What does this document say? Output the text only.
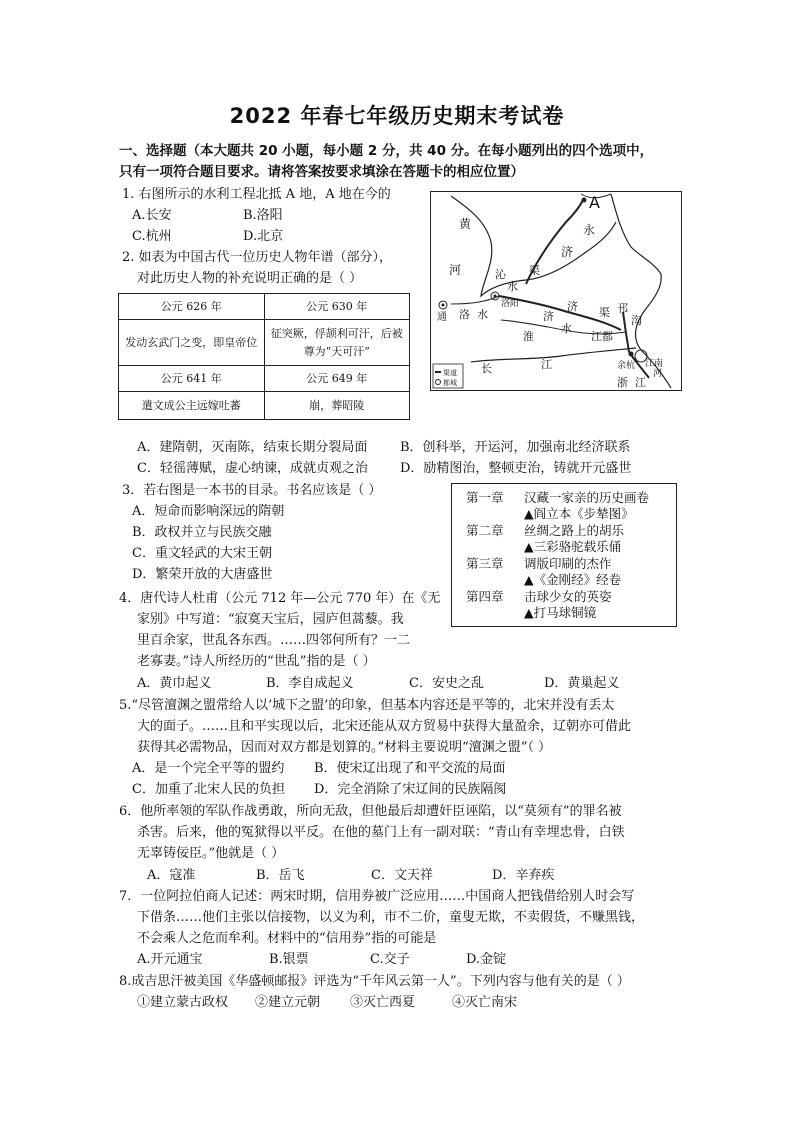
2022 年春七年级历史期末考试卷
一、选择题（本大题共 20 小题，每小题 2 分，共 40 分。在每小题列出的四个选项中，
只有一项符合题目要求。请将答案按要求填涂在答题卡的相应位置）
1. 右图所示的水利工程北抵 A 地，A 地在今的
A.长安	B.洛阳
C.杭州	D.北京
2. 如表为中国古代一位历史人物年谱（部分），
对此历史人物的补充说明正确的是（ ）
公元 626 年	公元 630 年
发动玄武门之变，即皇帝位	征突厥，俘颉利可汗，后被尊为“天可汗”
公元 641 年	公元 649 年
遣文成公主远嫁吐蕃	崩，葬昭陵
A
黄
河
永
济
沁
水
渠
济 渠
洛阳
洛 水
通	济
淮
水
江都
邗
沟
长	江	余杭
浙 江
江南
河
渠道
都城
A．建隋朝，灭南陈，结束长期分裂局面	B．创科举，开运河，加强南北经济联系
C．轻徭薄赋，虚心纳谏，成就贞观之治 D．励精图治，整顿吏治，铸就开元盛世
3．若右图是一本书的目录。书名应该是（ ）
A．短命而影响深远的隋朝
B．政权并立与民族交融
C．重文轻武的大宋王朝
D．繁荣开放的大唐盛世
第一章 汉藏一家亲的历史画卷
▲阎立本《步辇图》
第二章 丝绸之路上的胡乐
▲三彩骆驼载乐俑
第三章 调版印刷的杰作
▲《金刚经》经卷
第四章 击球少女的英姿
▲打马球铜镜
4．唐代诗人杜甫（公元 712 年—公元 770 年）在《无
家别》中写道：“寂寞天宝后，园庐但蒿藜。我
里百余家，世乱各东西。……四邻何所有？一二
老寡妻。”诗人所经历的“世乱”指的是（ ）
A．黄巾起义	B．李自成起义	C．安史之乱	D．黄巢起义
5.“尽管澶渊之盟常给人以‘城下之盟’的印象，但基本内容还是平等的，北宋并没有丢太
大的面子。……且和平实现以后，北宋还能从双方贸易中获得大量盈余，辽朝亦可借此
获得其必需物品，因而对双方都是划算的。”材料主要说明“澶渊之盟”（ ）
A．是一个完全平等的盟约 B．使宋辽出现了和平交流的局面
C．加重了北宋人民的负担 D．完全消除了宋辽间的民族隔阂
6．他所率领的军队作战勇敢，所向无敌，但他最后却遭奸臣诬陷，以“莫须有”的罪名被
杀害。后来，他的冤狱得以平反。在他的墓门上有一副对联：“青山有幸埋忠骨，白铁
无辜铸佞臣。”他就是（ ）
A．寇准	B．岳飞	C．文天祥	D．辛弃疾
7．一位阿拉伯商人记述：两宋时期，信用券被广泛应用……中国商人把钱借给别人时会写
下借条……他们主张以信接物，以义为利，市不二价，童叟无欺，不卖假货，不赚黑钱，
不会乘人之危而牟利。材料中的“信用券”指的可能是
A.开元通宝	B.银票	C.交子	D.金锭
8.成吉思汗被美国《华盛顿邮报》评选为“千年风云第一人”。下列内容与他有关的是（ ）
①建立蒙古政权 ②建立元朝 ③灭亡西夏	④灭亡南宋
